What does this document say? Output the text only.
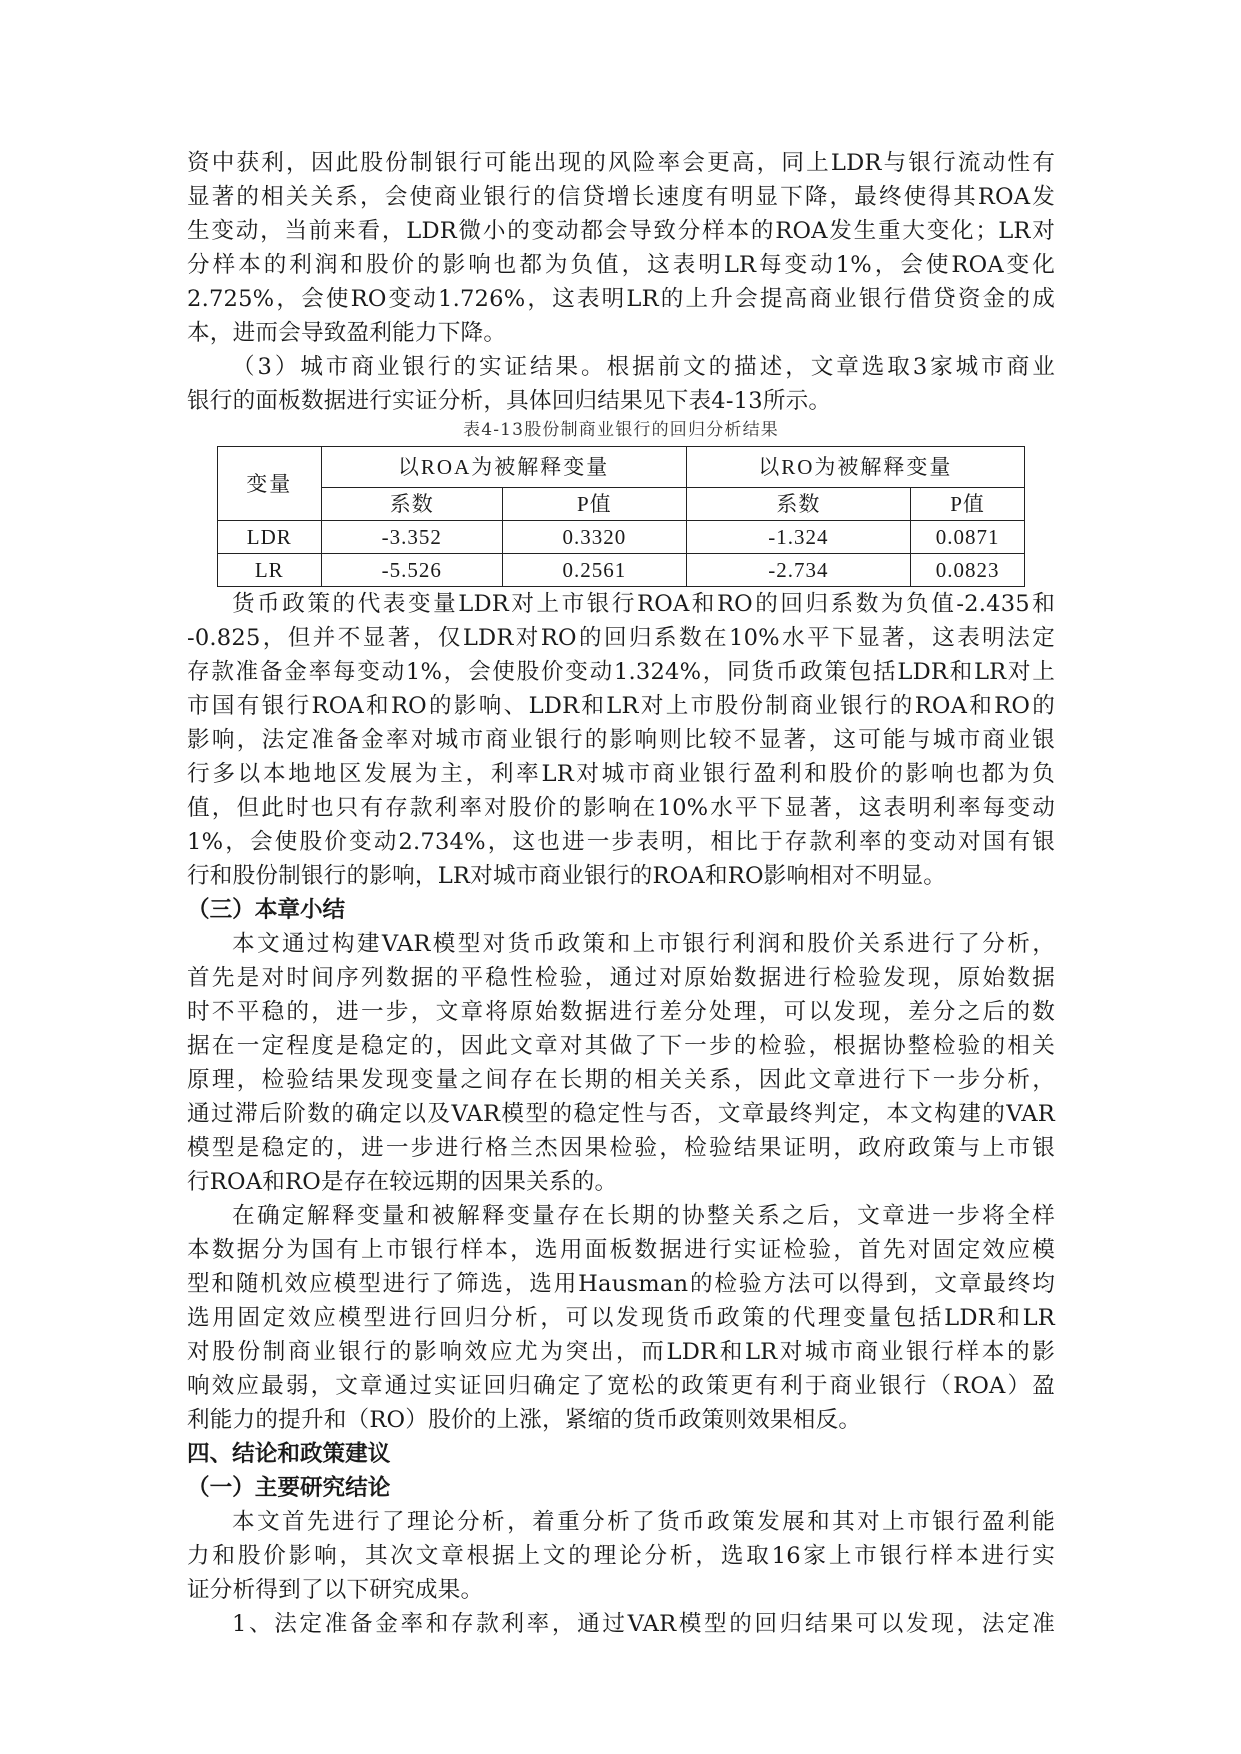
资中获利，因此股份制银行可能出现的风险率会更高，同上LDR与银行流动性有

显著的相关关系，会使商业银行的信贷增长速度有明显下降，最终使得其ROA发

生变动，当前来看，LDR微小的变动都会导致分样本的ROA发生重大变化；LR对

分样本的利润和股价的影响也都为负值，这表明LR每变动1%，会使ROA变化

2.725%，会使RO变动1.726%，这表明LR的上升会提高商业银行借贷资金的成

本，进而会导致盈利能力下降。

（3）城市商业银行的实证结果。根据前文的描述，文章选取3家城市商业

银行的面板数据进行实证分析，具体回归结果见下表4-13所示。

表4-13股份制商业银行的回归分析结果

变量	以ROA为被解释变量		以RO为被解释变量	
	系数	P值	系数	P值
LDR	-3.352	0.3320	-1.324	0.0871
LR	-5.526	0.2561	-2.734	0.0823

货币政策的代表变量LDR对上市银行ROA和RO的回归系数为负值-2.435和

-0.825，但并不显著，仅LDR对RO的回归系数在10%水平下显著，这表明法定

存款准备金率每变动1%，会使股价变动1.324%，同货币政策包括LDR和LR对上

市国有银行ROA和RO的影响、LDR和LR对上市股份制商业银行的ROA和RO的

影响，法定准备金率对城市商业银行的影响则比较不显著，这可能与城市商业银

行多以本地地区发展为主，利率LR对城市商业银行盈利和股价的影响也都为负

值，但此时也只有存款利率对股价的影响在10%水平下显著，这表明利率每变动

1%，会使股价变动2.734%，这也进一步表明，相比于存款利率的变动对国有银

行和股份制银行的影响，LR对城市商业银行的ROA和RO影响相对不明显。

（三）本章小结

本文通过构建VAR模型对货币政策和上市银行利润和股价关系进行了分析，

首先是对时间序列数据的平稳性检验，通过对原始数据进行检验发现，原始数据

时不平稳的，进一步，文章将原始数据进行差分处理，可以发现，差分之后的数

据在一定程度是稳定的，因此文章对其做了下一步的检验，根据协整检验的相关

原理，检验结果发现变量之间存在长期的相关关系，因此文章进行下一步分析，

通过滞后阶数的确定以及VAR模型的稳定性与否，文章最终判定，本文构建的VAR

模型是稳定的，进一步进行格兰杰因果检验，检验结果证明，政府政策与上市银

行ROA和RO是存在较远期的因果关系的。

在确定解释变量和被解释变量存在长期的协整关系之后，文章进一步将全样

本数据分为国有上市银行样本，选用面板数据进行实证检验，首先对固定效应模

型和随机效应模型进行了筛选，选用Hausman的检验方法可以得到，文章最终均

选用固定效应模型进行回归分析，可以发现货币政策的代理变量包括LDR和LR

对股份制商业银行的影响效应尤为突出，而LDR和LR对城市商业银行样本的影

响效应最弱，文章通过实证回归确定了宽松的政策更有利于商业银行（ROA）盈

利能力的提升和（RO）股价的上涨，紧缩的货币政策则效果相反。

四、结论和政策建议

（一）主要研究结论

本文首先进行了理论分析，着重分析了货币政策发展和其对上市银行盈利能

力和股价影响，其次文章根据上文的理论分析，选取16家上市银行样本进行实

证分析得到了以下研究成果。

1、法定准备金率和存款利率，通过VAR模型的回归结果可以发现，法定准
